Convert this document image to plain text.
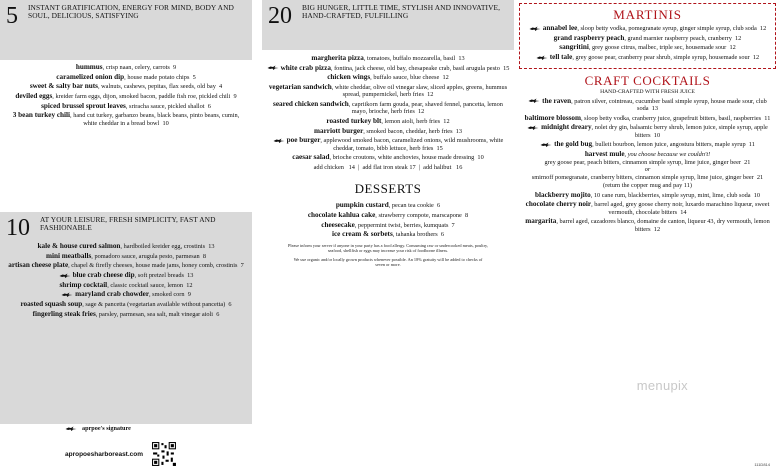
5 INSTANT GRATIFICATION, ENERGY FOR MIND, BODY AND SOUL, DELICIOUS, SATISFYING
hummus, crisp naan, celery, carrots 9
caramelized onion dip, house made potato chips 5
sweet & salty bar nuts, walnuts, cashews, pepitas, flax seeds, old bay 4
deviled eggs, kreider farm eggs, dijon, smoked bacon, paddle fish roe, pickled chili 9
spiced brussel sprout leaves, sriracha sauce, pickled shallot 6
3 bean turkey chili, hand cut turkey, garbanzo beans, black beans, pinto beans, cumin, white cheddar in a bread bowl 10
10 AT YOUR LEISURE, FRESH SIMPLICITY, FAST AND FASHIONABLE
kale & house cured salmon, hardboiled kreider egg, crostinis 13
mini meatballs, pomadoro sauce, arugula pesto, parmesan 8
artisan cheese plate, chapel & firefly cheeses, house made jams, honey comb, crostinis 7
blue crab cheese dip, soft pretzel breads 13
shrimp cocktail, classic cocktail sauce, lemon 12
maryland crab chowder, smoked corn 9
roasted squash soup, sage & pancetta (vegetarian available without pancetta) 6
fingerling steak fries, parsley, parmesan, sea salt, malt vinegar aioli 6
aprpoe's signature
apropoesharboreast.com
20 BIG HUNGER, LITTLE TIME, STYLISH AND INNOVATIVE, HAND-CRAFTED, FULFILLING
margherita pizza, tomatoes, buffalo mozzarella, basil 13
white crab pizza, fontina, jack cheese, old bay, chesapeake crab, basil arugula pesto 15
chicken wings, buffalo sauce, blue cheese 12
vegetarian sandwich, white cheddar, olive oil vinegar slaw, sliced apples, greens, hummus spread, pumpernickel, herb fries 12
seared chicken sandwich, capriikorn farm gouda, pear, shaved fennel, pancetta, lemon mayo, brioche, herb fries 12
roasted turkey blt, lemon aioli, herb fries 12
marriott burger, smoked bacon, cheddar, herb fries 13
poe burger, applewood smoked bacon, caramelized onions, wild mushrooms, white cheddar, tomato, bibb lettuce, herb fries 15
caesar salad, brioche croutons, white anchovies, house made dressing 10
add chicken   14  |  add flat iron steak 17  |  add halibut   16
DESSERTS
pumpkin custard, pecan tea cookie 6
chocolate kahlua cake, strawberry compote, marscapone 8
cheesecake, peppermint twist, berries, kumquats 7
ice cream & sorbets, tahanka brothers 6
Please inform your server if anyone in your party has a food allergy. Consuming raw or undercooked meats, poultry, seafood, shellfish or eggs may increase your risk of foodborne illness.
We use organic and/or locally grown products whenever possible. An 18% gratuity will be added to checks of seven or more.
MARTINIS
annabel lee, sloop betty vodka, pomegranate syrup, ginger simple syrup, club soda 12
grand raspberry peach, grand marnier raspberry peach, cranberry 12
sangritini, grey goose citrus, malbec, triple sec, housemade sour 12
tell tale, grey goose pear, cranberry pear shrub, simple syrup, housemade sour 12
CRAFT COCKTAILS
HAND-CRAFTED WITH FRESH JUICE
the raven, patron silver, cointreau, cucumber basil simple syrup, house made sour, club soda 13
baltimore blossom, sloop betty vodka, cranberry juice, grapefruit bitters, basil, raspberries 11
midnight dreary, nolet dry gin, balsamic berry shrub, lemon juice, simple syrup, apple bitters 10
the gold bug, bulleit bourbon, lemon juice, angostura bitters, maple syrup 11
harvest mule, you choose because we couldn't!
grey goose pear, peach bitters, cinnamon simple syrup, lime juice, ginger beer 21
or
smirnoff pomegranate, cranberry bitters, cinnamon simple syrup, lime juice, ginger beer 21
(return the copper mug and pay 11)
blackberry mojito, 10 cane rum, blackberries, simple syrup, mint, lime, club soda 10
chocolate cherry noir, barrel aged, grey goose cherry noir, luxardo marachino liqueur, sweet vermouth, chocolate bitters 14
margarita, barrel aged, cazadores blanco, domaine de canton, liqueur 43, dry vermouth, lemon bitters 12
menupix
111D814
